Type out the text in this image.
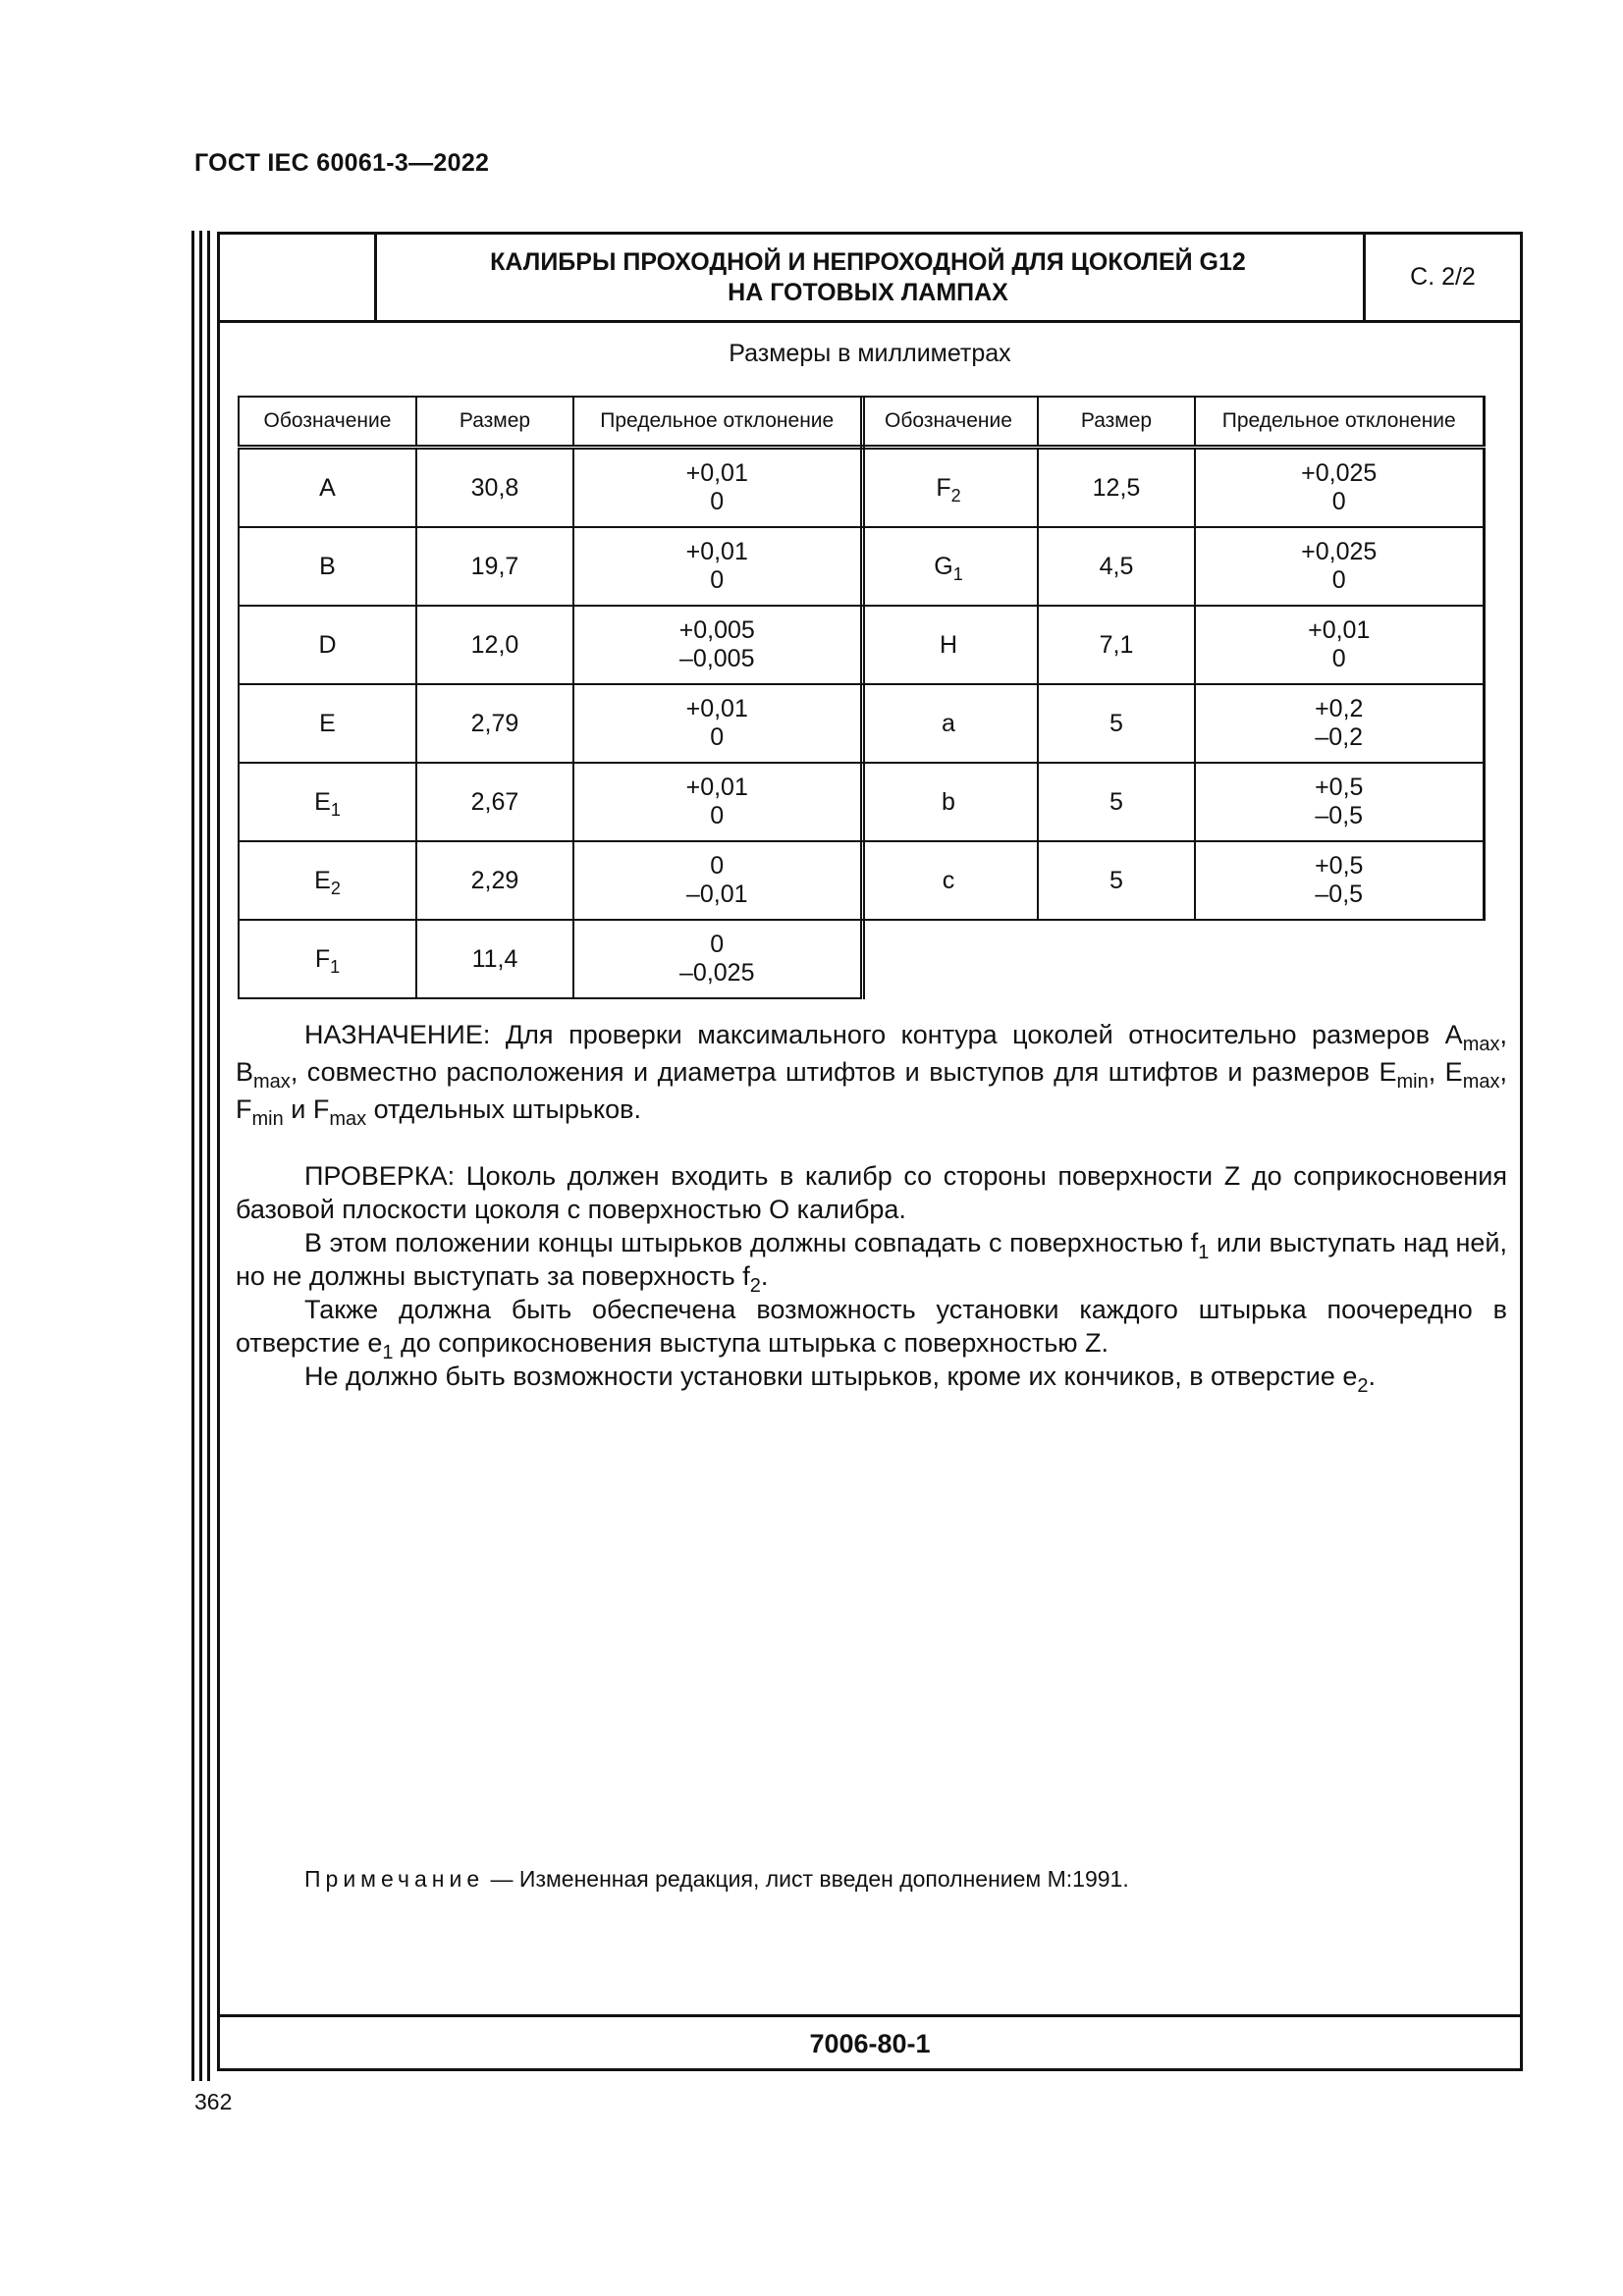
ГОСТ IEC 60061-3—2022
КАЛИБРЫ ПРОХОДНОЙ И НЕПРОХОДНОЙ ДЛЯ ЦОКОЛЕЙ G12
НА ГОТОВЫХ ЛАМПАХ
С. 2/2
Размеры в миллиметрах
Обозначение	Размер	Предельное отклонение
A	30,8	+0,01
0

B	19,7	+0,01
0

D	12,0	+0,005
–0,005

E	2,79	+0,01
0

$E_1$	2,67	+0,01
0

$E_2$	2,29	0
–0,01

$F_1$	11,4	0
–0,025
Обозначение	Размер	Предельное отклонение
$F_2$	12,5	+0,025
0

$G_1$	4,5	+0,025
0

H	7,1	+0,01
0

a	5	+0,2
–0,2

b	5	+0,5
–0,5

c	5	+0,5
–0,5

НАЗНАЧЕНИЕ: Для проверки максимального контура цоколей относительно размеров $A_{max}$, $B_{max}$, совместно расположения и диаметра штифтов и выступов для штифтов и размеров $E_{min}$, $E_{max}$, $F_{min}$ и $F_{max}$ отдельных штырьков.

ПРОВЕРКА: Цоколь должен входить в калибр со стороны поверхности Z до соприкосновения базовой плоскости цоколя с поверхностью O калибра.

В этом положении концы штырьков должны совпадать с поверхностью $f_1$ или выступать над ней, но не должны выступать за поверхность $f_2$.

Также должна быть обеспечена возможность установки каждого штырька поочередно в отверстие $e_1$ до соприкосновения выступа штырька с поверхностью Z.

Не должно быть возможности установки штырьков, кроме их кончиков, в отверстие $e_2$.

Примечание — Измененная редакция, лист введен дополнением M:1991.
7006-80-1
362
